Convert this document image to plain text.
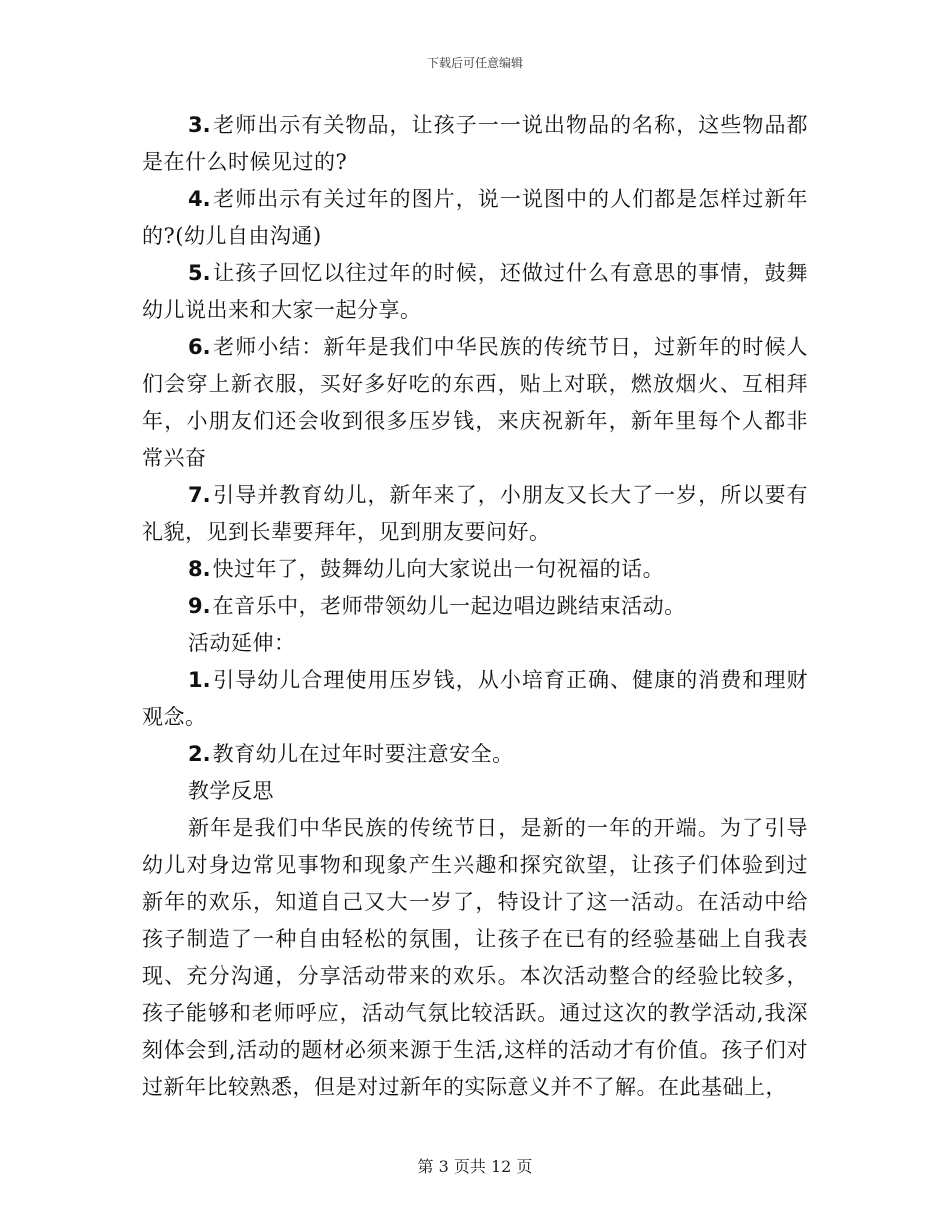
下载后可任意编辑

3.老师出示有关物品，让孩子一一说出物品的名称，这些物品都是在什么时候见过的?

4.老师出示有关过年的图片，说一说图中的人们都是怎样过新年的?(幼儿自由沟通)

5.让孩子回忆以往过年的时候，还做过什么有意思的事情，鼓舞幼儿说出来和大家一起分享。

6.老师小结：新年是我们中华民族的传统节日，过新年的时候人们会穿上新衣服，买好多好吃的东西，贴上对联，燃放烟火、互相拜年，小朋友们还会收到很多压岁钱，来庆祝新年，新年里每个人都非常兴奋

7.引导并教育幼儿，新年来了，小朋友又长大了一岁，所以要有礼貌，见到长辈要拜年，见到朋友要问好。

8.快过年了，鼓舞幼儿向大家说出一句祝福的话。

9.在音乐中，老师带领幼儿一起边唱边跳结束活动。

活动延伸：

1.引导幼儿合理使用压岁钱，从小培育正确、健康的消费和理财观念。

2.教育幼儿在过年时要注意安全。

教学反思

新年是我们中华民族的传统节日，是新的一年的开端。为了引导幼儿对身边常见事物和现象产生兴趣和探究欲望，让孩子们体验到过新年的欢乐，知道自己又大一岁了，特设计了这一活动。在活动中给孩子制造了一种自由轻松的氛围，让孩子在已有的经验基础上自我表现、充分沟通，分享活动带来的欢乐。本次活动整合的经验比较多，孩子能够和老师呼应，活动气氛比较活跃。通过这次的教学活动,我深刻体会到,活动的题材必须来源于生活,这样的活动才有价值。孩子们对过新年比较熟悉，但是对过新年的实际意义并不了解。在此基础上，

第 3 页共 12 页
